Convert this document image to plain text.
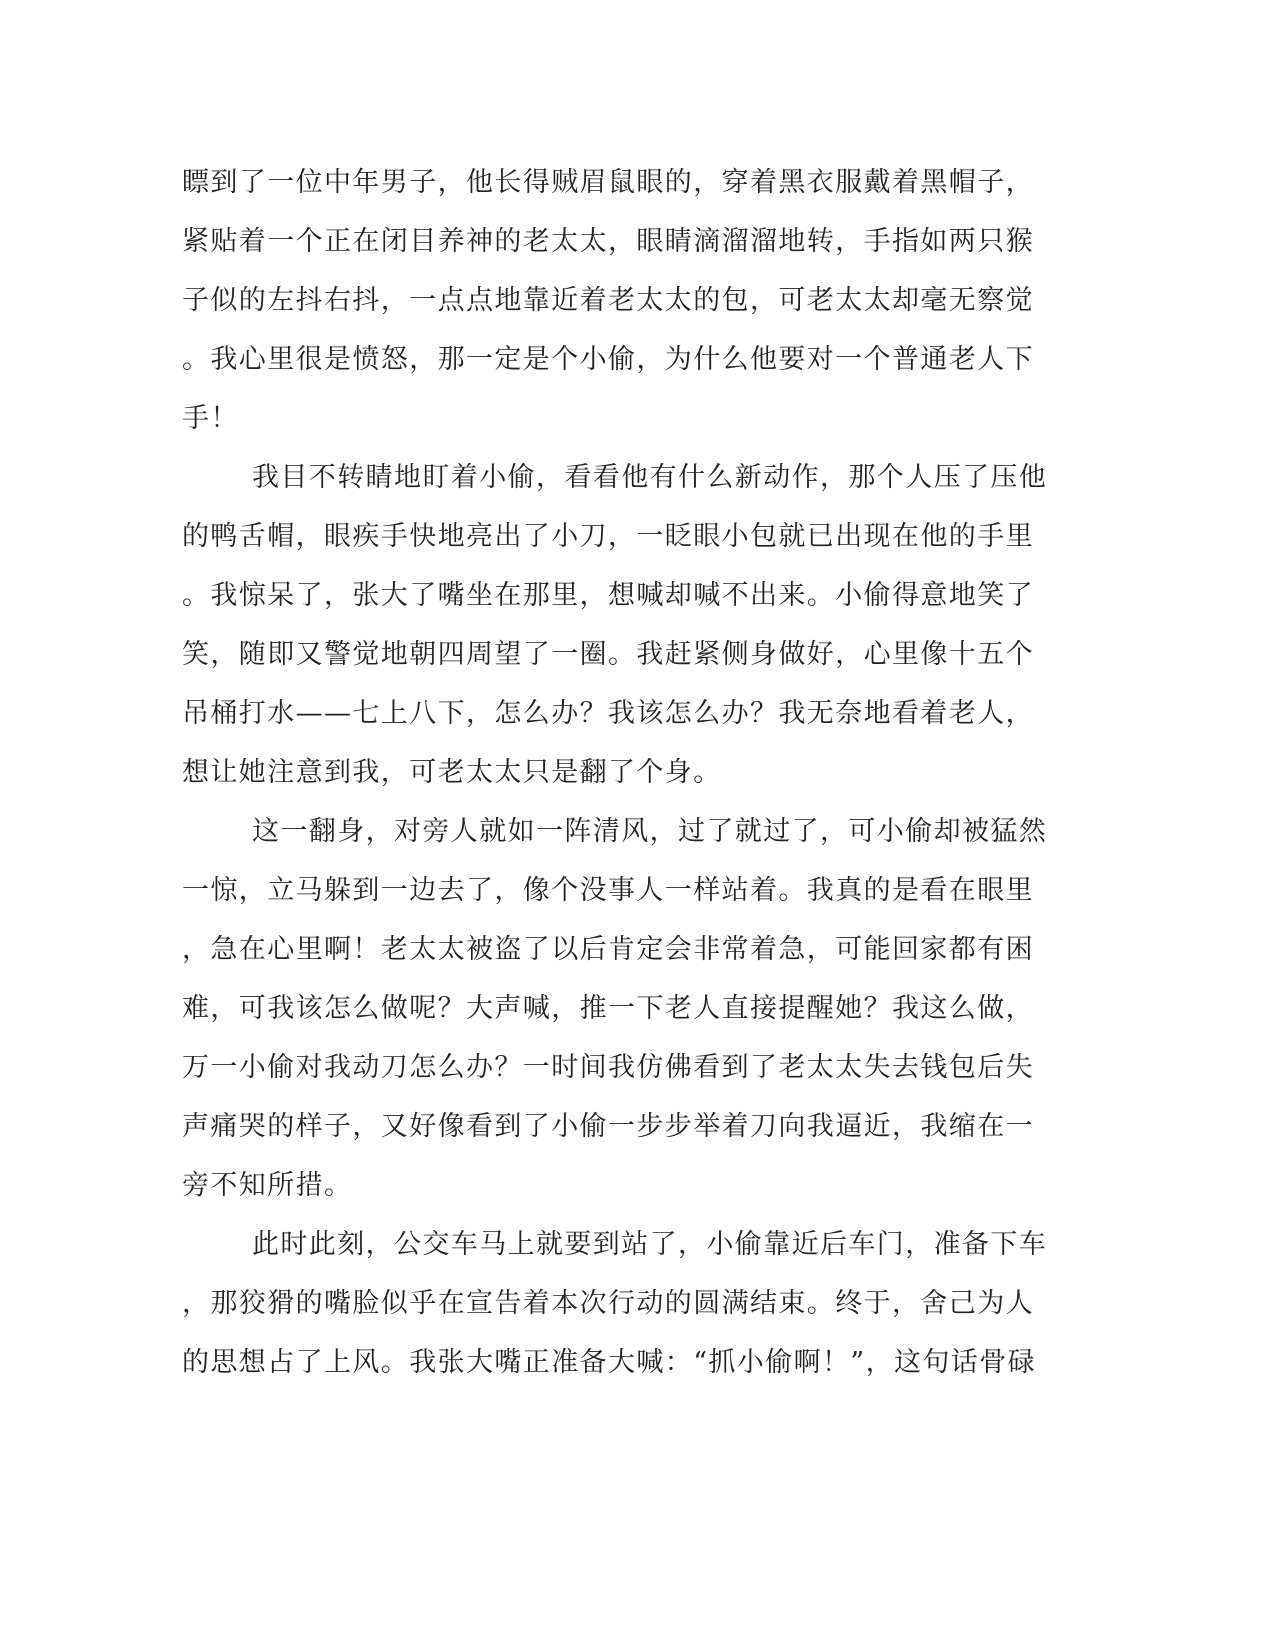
瞟到了一位中年男子，他长得贼眉鼠眼的，穿着黑衣服戴着黑帽子，
紧贴着一个正在闭目养神的老太太，眼睛滴溜溜地转，手指如两只猴
子似的左抖右抖，一点点地靠近着老太太的包，可老太太却毫无察觉
。我心里很是愤怒，那一定是个小偷，为什么他要对一个普通老人下
手！
我目不转睛地盯着小偷，看看他有什么新动作，那个人压了压他
的鸭舌帽，眼疾手快地亮出了小刀，一眨眼小包就已出现在他的手里
。我惊呆了，张大了嘴坐在那里，想喊却喊不出来。小偷得意地笑了
笑，随即又警觉地朝四周望了一圈。我赶紧侧身做好，心里像十五个
吊桶打水——七上八下，怎么办？我该怎么办？我无奈地看着老人，
想让她注意到我，可老太太只是翻了个身。
这一翻身，对旁人就如一阵清风，过了就过了，可小偷却被猛然
一惊，立马躲到一边去了，像个没事人一样站着。我真的是看在眼里
，急在心里啊！老太太被盗了以后肯定会非常着急，可能回家都有困
难，可我该怎么做呢？大声喊，推一下老人直接提醒她？我这么做，
万一小偷对我动刀怎么办？一时间我仿佛看到了老太太失去钱包后失
声痛哭的样子，又好像看到了小偷一步步举着刀向我逼近，我缩在一
旁不知所措。
此时此刻，公交车马上就要到站了，小偷靠近后车门，准备下车
，那狡猾的嘴脸似乎在宣告着本次行动的圆满结束。终于，舍己为人
的思想占了上风。我张大嘴正准备大喊：“抓小偷啊！”，这句话骨碌
